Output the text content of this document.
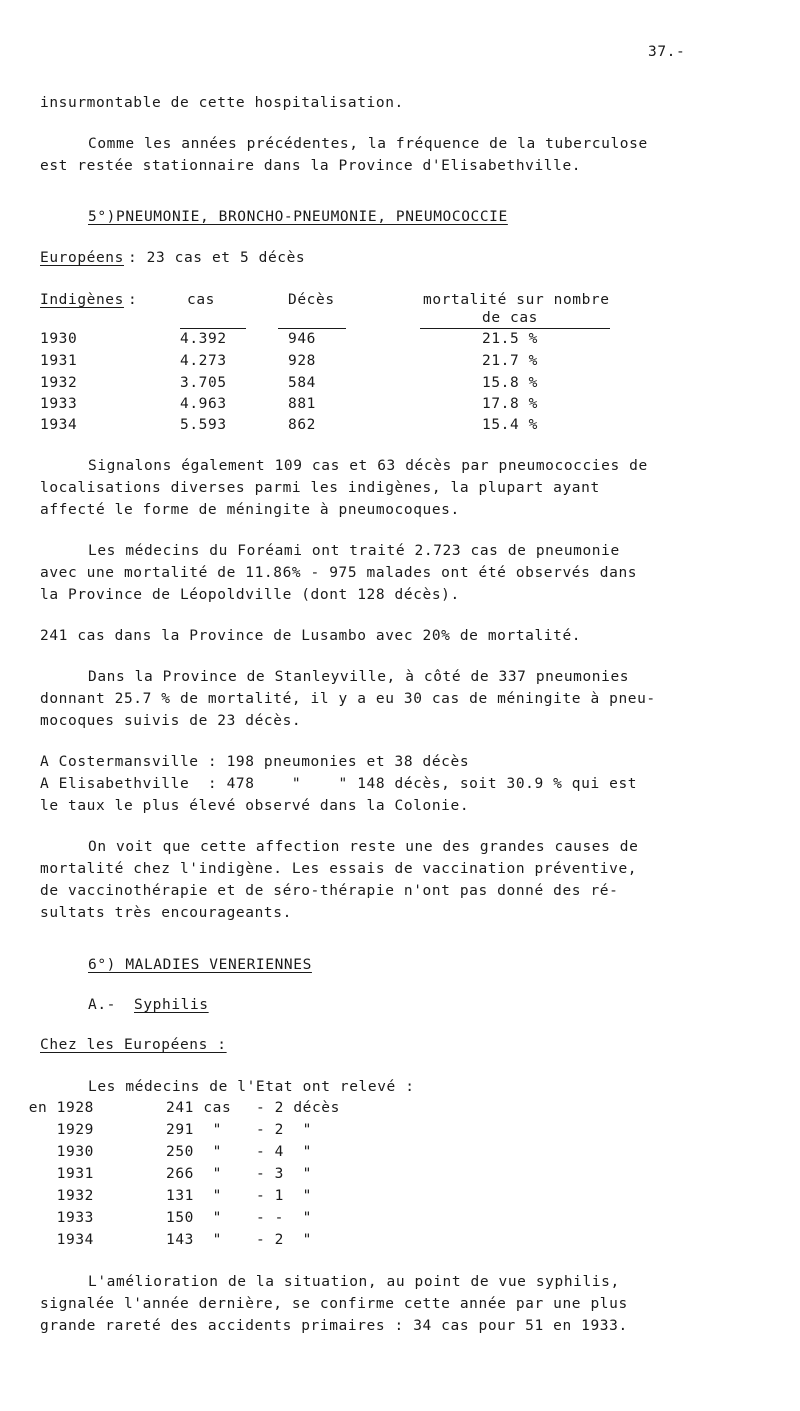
37.-
insurmontable de cette hospitalisation.
Comme les années précédentes, la fréquence de la tuberculose
est restée stationnaire dans la Province d'Elisabethville.
5°)PNEUMONIE, BRONCHO-PNEUMONIE, PNEUMOCOCCIE
Européens : 23 cas et 5 décès
Indigènes :	cas	Décès	mortalité sur nombre
de cas
1930	4.392	946	21.5 %
1931	4.273	928	21.7 %
1932	3.705	584	15.8 %
1933	4.963	881	17.8 %
1934	5.593	862	15.4 %
Signalons également 109 cas et 63 décès par pneumococcies de
localisations diverses parmi les indigènes, la plupart ayant
affecté le forme de méningite à pneumocoques.
Les médecins du Foréami ont traité 2.723 cas de pneumonie
avec une mortalité de 11.86% - 975 malades ont été observés dans
la Province de Léopoldville (dont 128 décès).
241 cas dans la Province de Lusambo avec 20% de mortalité.
Dans la Province de Stanleyville, à côté de 337 pneumonies
donnant 25.7 % de mortalité, il y a eu 30 cas de méningite à pneu-
mocoques suivis de 23 décès.
A Costermansville : 198 pneumonies et 38 décès
A Elisabethville  : 478    "    " 148 décès, soit 30.9 % qui est
le taux le plus élevé observé dans la Colonie.
On voit que cette affection reste une des grandes causes de
mortalité chez l'indigène. Les essais de vaccination préventive,
de vaccinothérapie et de séro-thérapie n'ont pas donné des ré-
sultats très encourageants.
6°) MALADIES VENERIENNES
A.- Syphilis
Chez les Européens :
Les médecins de l'Etat ont relevé :
en 1928	241 cas - 2 décès
1929	291  " - 2  "
1930	250  " - 4  "
1931	266  " - 3  "
1932	131  " - 1  "
1933	150  " - -  "
1934	143  " - 2  "
L'amélioration de la situation, au point de vue syphilis,
signalée l'année dernière, se confirme cette année par une plus
grande rareté des accidents primaires : 34 cas pour 51 en 1933.
